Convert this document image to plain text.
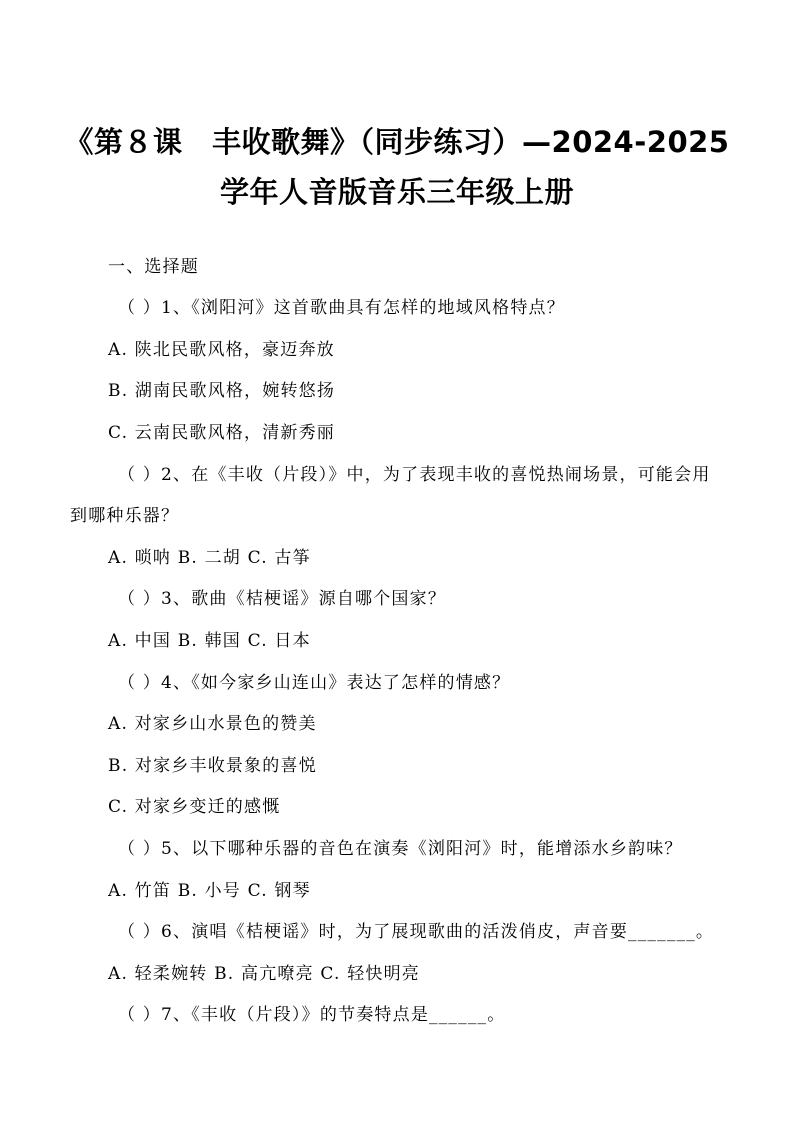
《第８课　丰收歌舞》（同步练习）—2024-2025
学年人音版音乐三年级上册
一、选择题
（ ）1、《浏阳河》这首歌曲具有怎样的地域风格特点？
A. 陕北民歌风格，豪迈奔放
B. 湖南民歌风格，婉转悠扬
C. 云南民歌风格，清新秀丽
（ ）2、在《丰收（片段）》中，为了表现丰收的喜悦热闹场景，可能会用
到哪种乐器？
A. 唢呐 B. 二胡 C. 古筝
（ ）3、歌曲《桔梗谣》源自哪个国家？
A. 中国 B. 韩国 C. 日本
（ ）4、《如今家乡山连山》表达了怎样的情感？
A. 对家乡山水景色的赞美
B. 对家乡丰收景象的喜悦
C. 对家乡变迁的感慨
（ ）5、以下哪种乐器的音色在演奏《浏阳河》时，能增添水乡韵味？
A. 竹笛 B. 小号 C. 钢琴
（ ）6、演唱《桔梗谣》时，为了展现歌曲的活泼俏皮，声音要_______。
A. 轻柔婉转 B. 高亢嘹亮 C. 轻快明亮
（ ）7、《丰收（片段）》的节奏特点是______。
